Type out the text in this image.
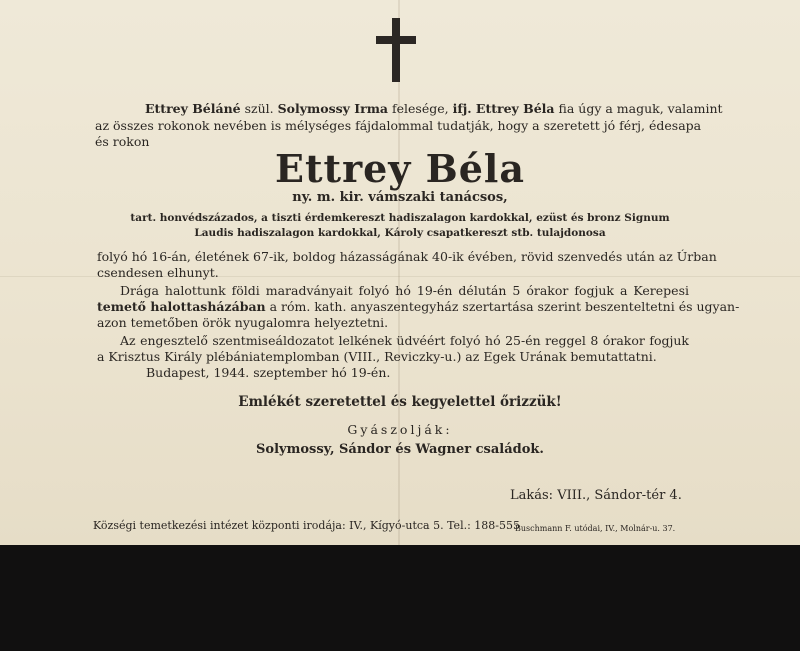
Ettrey Béláné szül. Solymossy Irma felesége, ifj. Ettrey Béla fia úgy a maguk, valamint
az összes rokonok nevében is mélységes fájdalommal tudatják, hogy a szeretett jó férj, édesapa
és rokon
Ettrey Béla
ny. m. kir. vámszaki tanácsos,
tart. honvédszázados, a tiszti érdemkereszt hadiszalagon kardokkal, ezüst és bronz Signum
Laudis hadiszalagon kardokkal, Károly csapatkereszt stb. tulajdonosa
folyó hó 16-án, életének 67-ik, boldog házasságának 40-ik évében, rövid szenvedés után az Úrban
csendesen elhunyt.
Drága halottunk földi maradványait folyó hó 19-én délután 5 órakor fogjuk a Kerepesi
temető halottasházában a róm. kath. anyaszentegyház szertartása szerint beszenteltetni és ugyan-
azon temetőben örök nyugalomra helyeztetni.
Az engesztelő szentmiseáldozatot lelkének üdvéért folyó hó 25-én reggel 8 órakor fogjuk
a Krisztus Király plébániatemplomban (VIII., Reviczky-u.) az Egek Urának bemutattatni.
Budapest, 1944. szeptember hó 19-én.
Emlékét szeretettel és kegyelettel őrizzük!
Gyászolják:
Solymossy, Sándor és Wagner családok.
Lakás: VIII., Sándor-tér 4.
Községi temetkezési intézet központi irodája: IV., Kígyó-utca 5. Tel.: 188-555
Buschmann F. utódai, IV., Molnár-u. 37.
